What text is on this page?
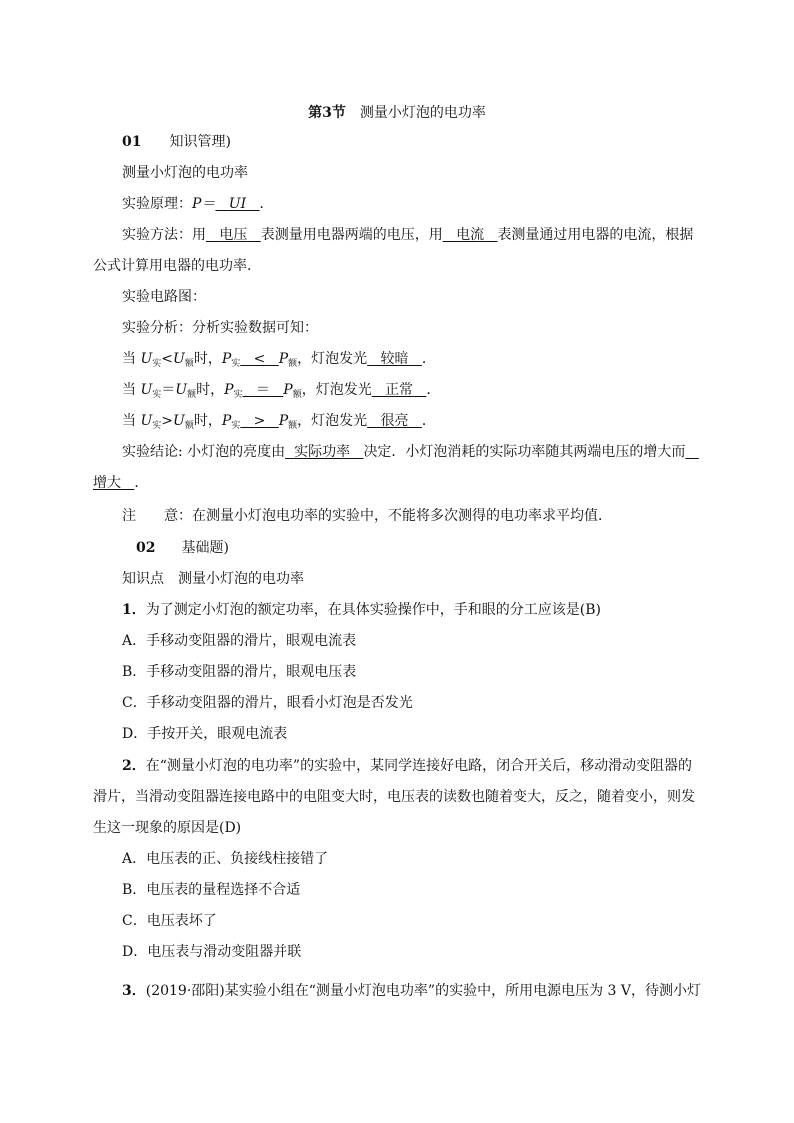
第3节　 测量小灯泡的电功率
01 知识管理)
测量小灯泡的电功率
实验原理：P＝ UI ．
实验方法：用 电压 表测量用电器两端的电压，用 电流 表测量通过用电器的电流，根据
公式计算用电器的电功率．
实验电路图：
实验分析：分析实验数据可知：
当 $U_实<U_额$时，$P_实 < P_额$，灯泡发光 较暗 ．
当 $U_实=U_额$时，$P_实 = P_额$，灯泡发光 正常 ．
当 $U_实>U_额$时，$P_实 > P_额$，灯泡发光 很亮 ．
实验结论: 小灯泡的亮度由 实际功率 决定．小灯泡消耗的实际功率随其两端电压的增大而
增大 ．
注　　意：在测量小灯泡电功率的实验中，不能将多次测得的电功率求平均值．
02 基础题)
知识点　测量小灯泡的电功率
1．为了测定小灯泡的额定功率，在具体实验操作中，手和眼的分工应该是(B)
A．手移动变阻器的滑片，眼观电流表
B．手移动变阻器的滑片，眼观电压表
C．手移动变阻器的滑片，眼看小灯泡是否发光
D．手按开关，眼观电流表
2．在“测量小灯泡的电功率”的实验中，某同学连接好电路，闭合开关后，移动滑动变阻器的
滑片，当滑动变阻器连接电路中的电阻变大时，电压表的读数也随着变大，反之，随着变小，则发
生这一现象的原因是(D)
A．电压表的正、负接线柱接错了
B．电压表的量程选择不合适
C．电压表坏了
D．电压表与滑动变阻器并联
3．(2019·邵阳)某实验小组在“测量小灯泡电功率”的实验中，所用电源电压为 3 V，待测小灯
